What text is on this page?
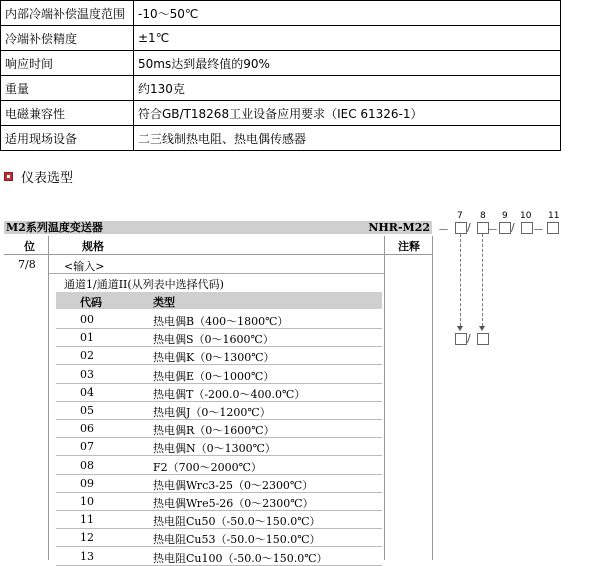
内部冷端补偿温度范围	-10～50℃
冷端补偿精度	±1℃
响应时间	50ms达到最终值的90%
重量	约130克
电磁兼容性	符合GB/T18268工业设备应用要求（IEC 61326-1）
适用现场设备	二三线制热电阻、热电偶传感器
仪表选型
M2系列温度变送器	NHR-M22
位	规格	注释
7/8	<输入>
通道1/通道II(从列表中选择代码)
代码	类型
00	热电偶B（400～1800℃）
01	热电偶S（0～1600℃）
02	热电偶K（0～1300℃）
03	热电偶E（0～1000℃）
04	热电偶T（-200.0～400.0℃）
05	热电偶J（0～1200℃）
06	热电偶R（0～1600℃）
07	热电偶N（0～1300℃）
08	F2（700～2000℃）
09	热电偶Wrc3-25（0～2300℃）
10	热电偶Wre5-26（0～2300℃）
11	热电阻Cu50（-50.0～150.0℃）
12	热电阻Cu53（-50.0～150.0℃）
13	热电阻Cu100（-50.0～150.0℃）
7 8 9 10 11
－ / － / －
/
